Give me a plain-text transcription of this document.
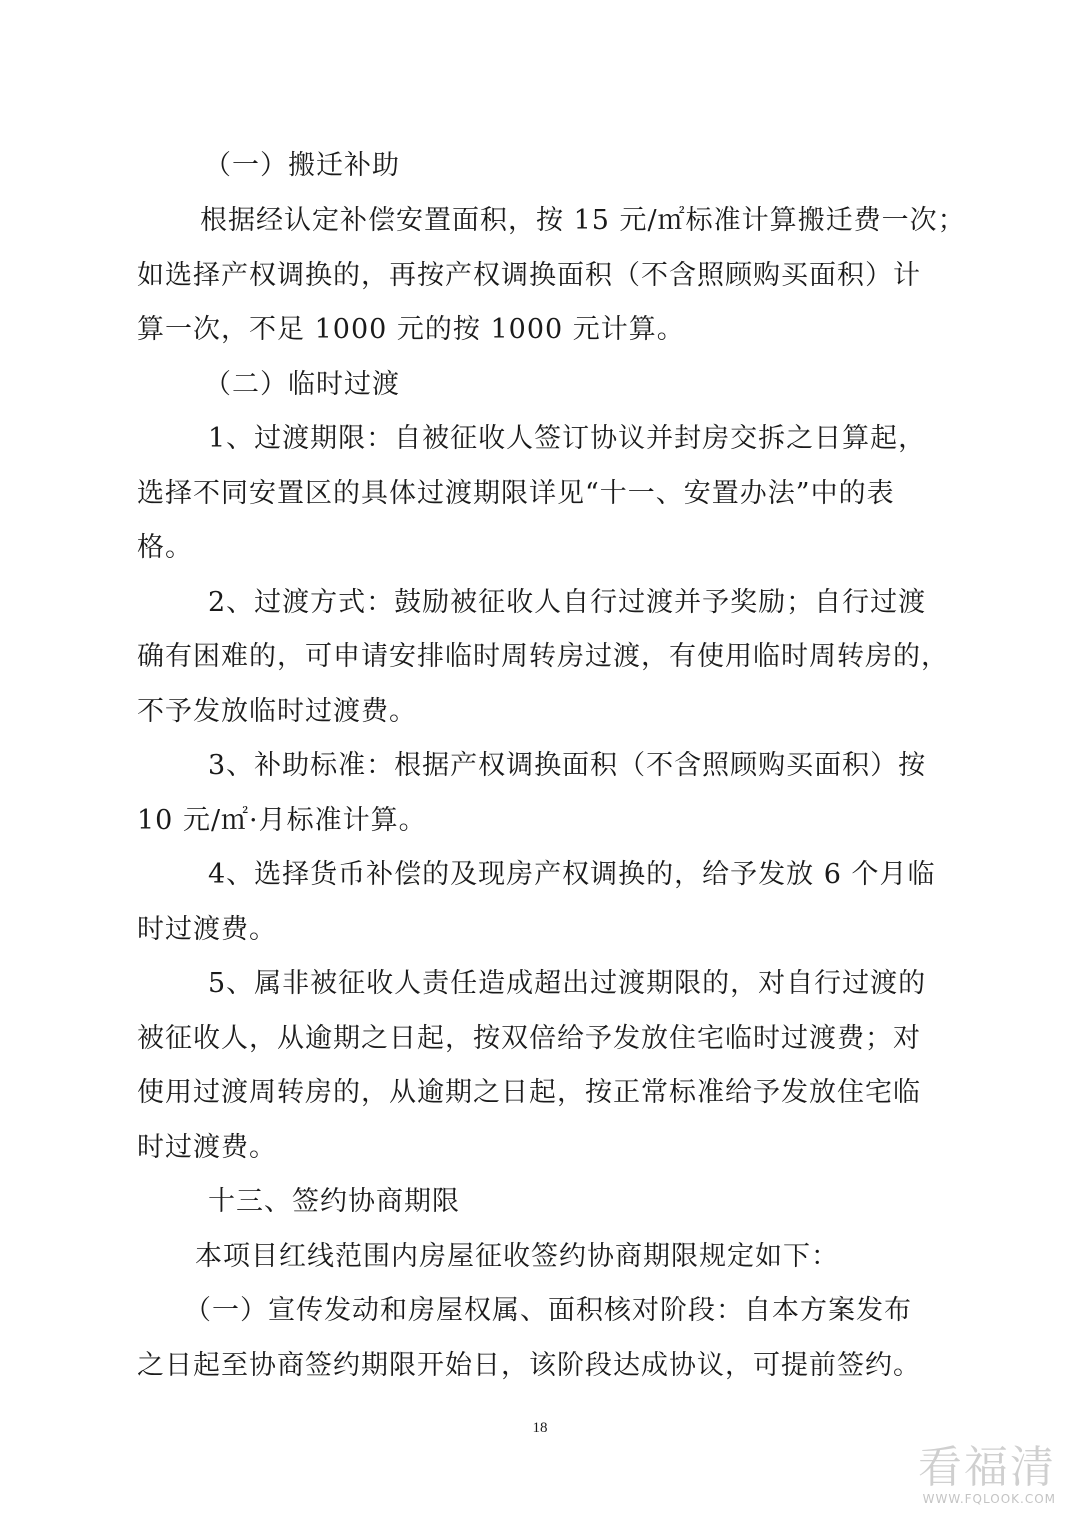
（一）搬迁补助
根据经认定补偿安置面积，按 15 元/㎡标准计算搬迁费一次；
如选择产权调换的，再按产权调换面积（不含照顾购买面积）计
算一次，不足 1000 元的按 1000 元计算。
（二）临时过渡
1、过渡期限：自被征收人签订协议并封房交拆之日算起，
选择不同安置区的具体过渡期限详见“十一、安置办法”中的表
格。
2、过渡方式：鼓励被征收人自行过渡并予奖励；自行过渡
确有困难的，可申请安排临时周转房过渡，有使用临时周转房的，
不予发放临时过渡费。
3、补助标准：根据产权调换面积（不含照顾购买面积）按
10 元/㎡·月标准计算。
4、选择货币补偿的及现房产权调换的，给予发放 6 个月临
时过渡费。
5、属非被征收人责任造成超出过渡期限的，对自行过渡的
被征收人，从逾期之日起，按双倍给予发放住宅临时过渡费；对
使用过渡周转房的，从逾期之日起，按正常标准给予发放住宅临
时过渡费。
十三、签约协商期限
本项目红线范围内房屋征收签约协商期限规定如下：
（一）宣传发动和房屋权属、面积核对阶段：自本方案发布
之日起至协商签约期限开始日，该阶段达成协议，可提前签约。
18
看福清
WWW.FQLOOK.COM
